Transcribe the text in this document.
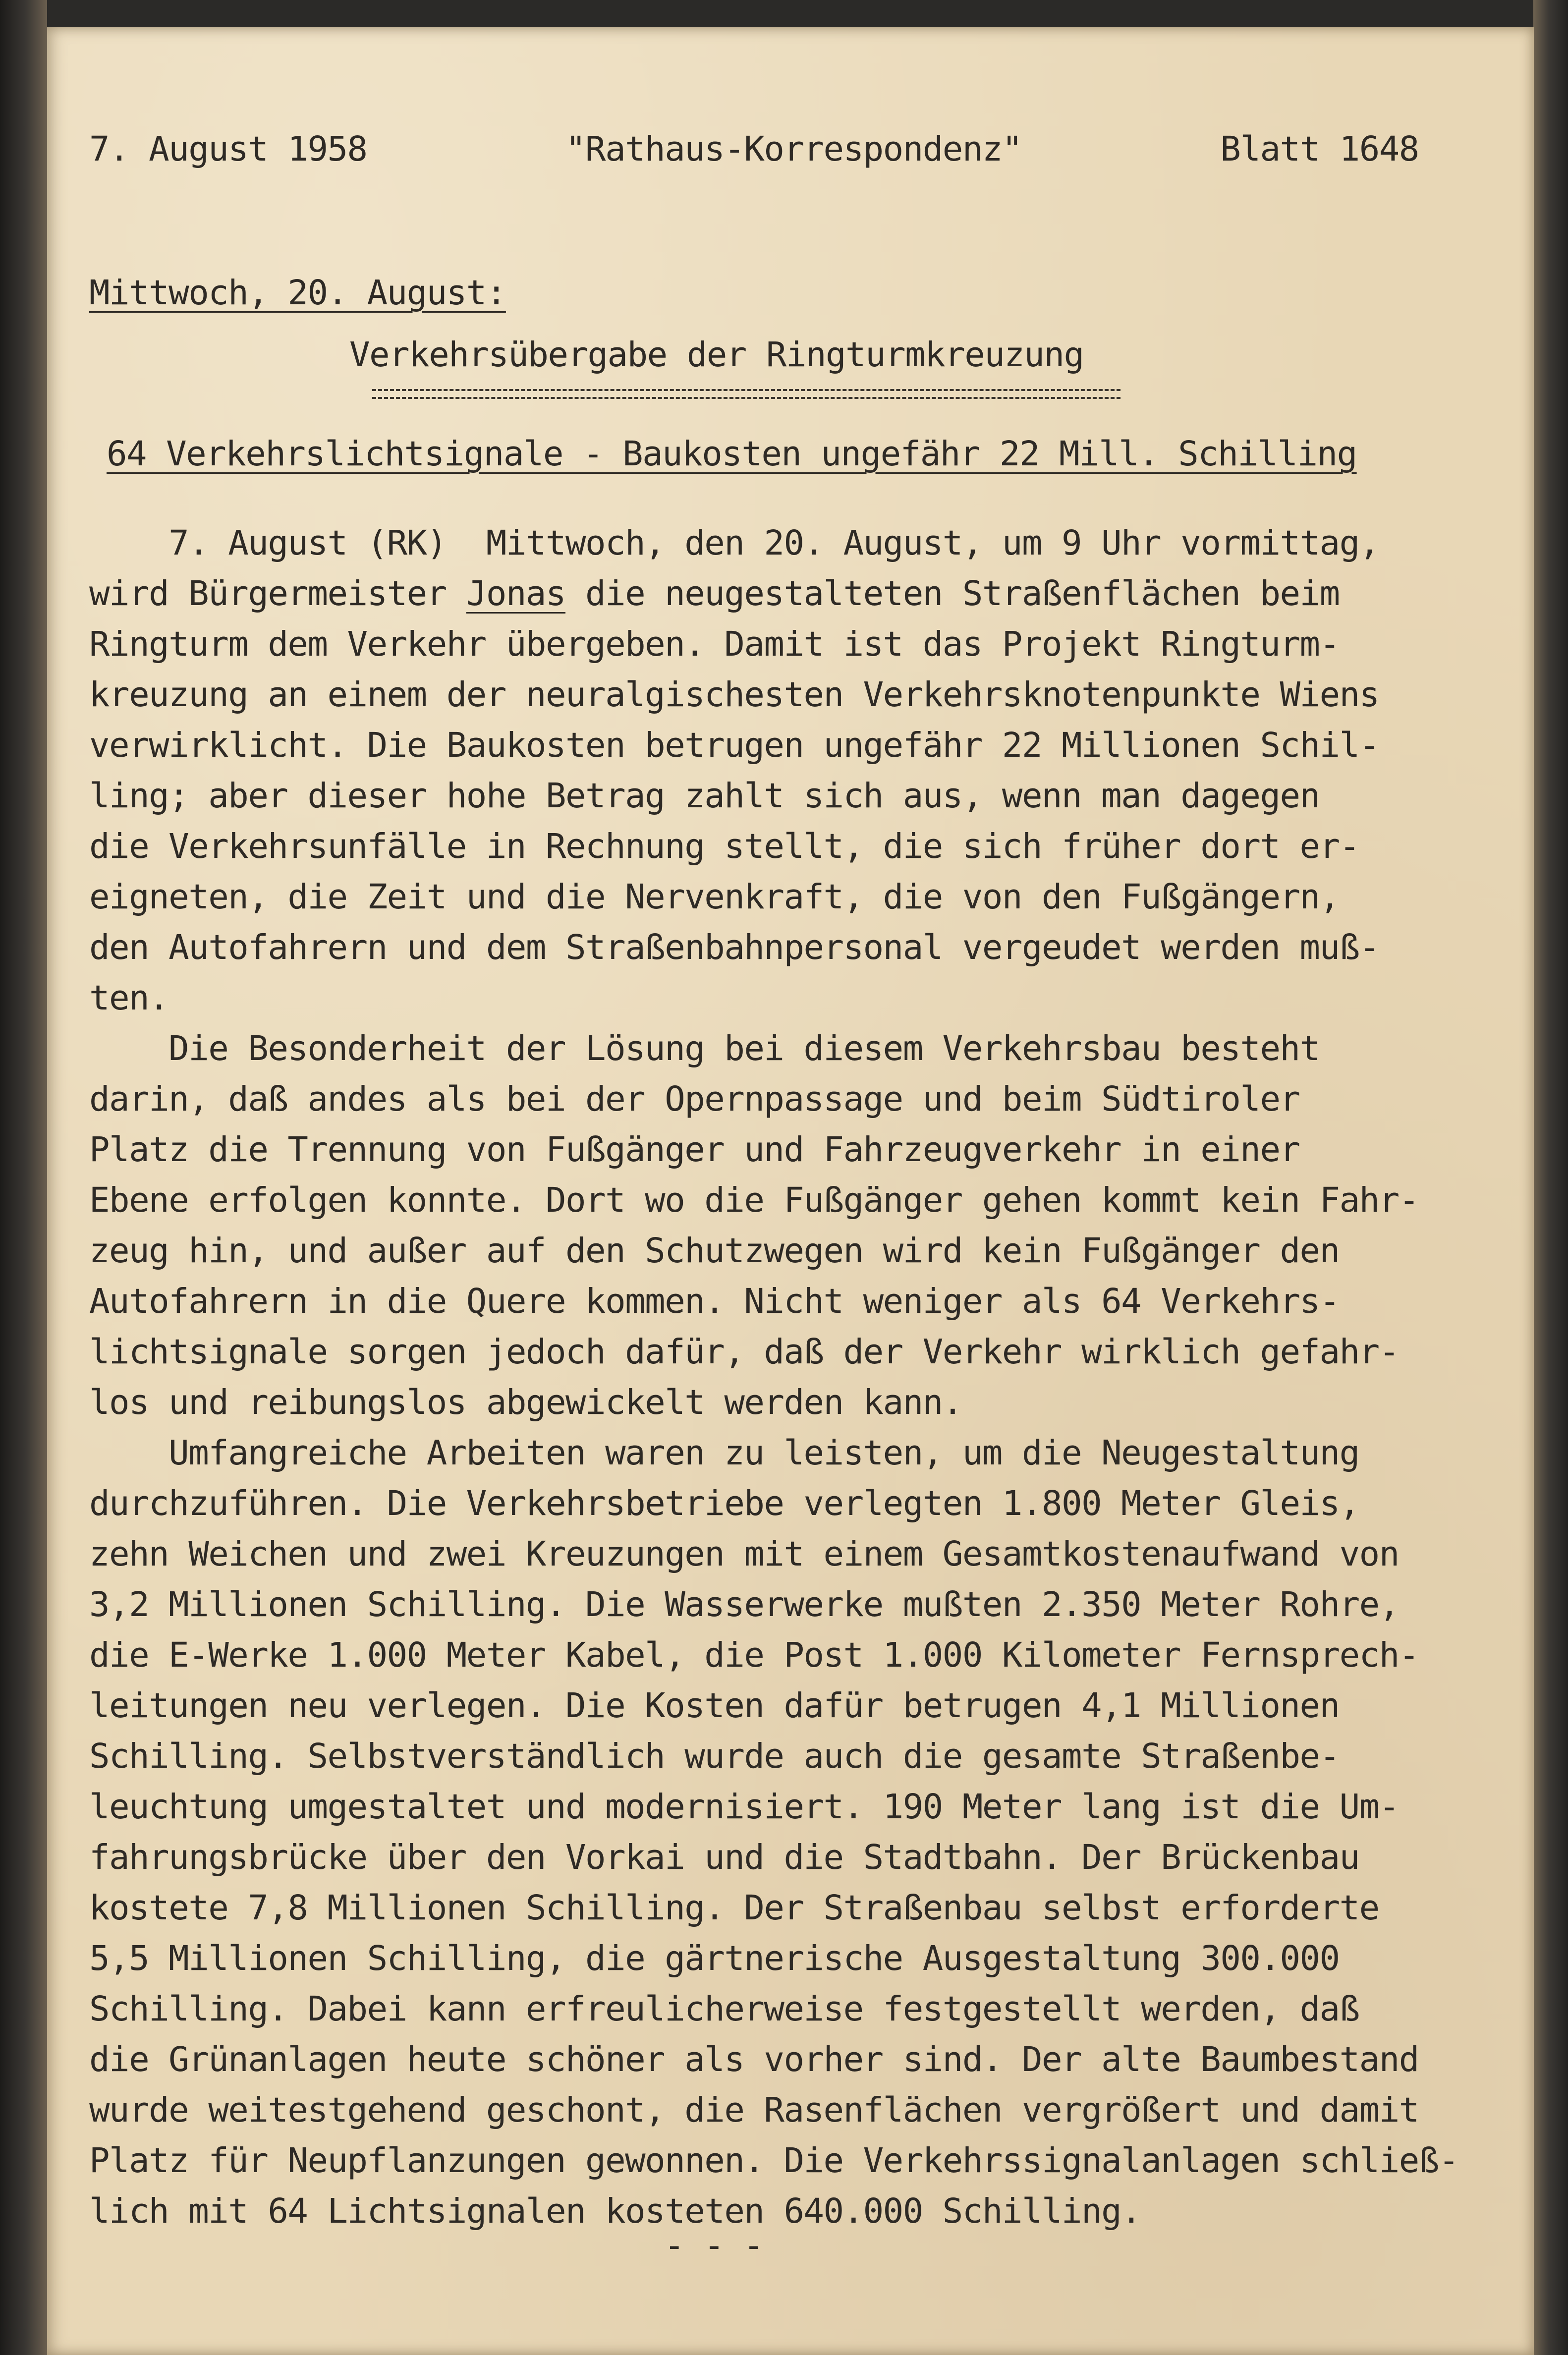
7. August 1958	"Rathaus-Korrespondenz"	Blatt 1648
Mittwoch, 20. August:
Verkehrsübergabe der Ringturmkreuzung
64 Verkehrslichtsignale - Baukosten ungefähr 22 Mill. Schilling
7. August (RK)  Mittwoch, den 20. August, um 9 Uhr vormittag,
wird Bürgermeister Jonas die neugestalteten Straßenflächen beim
Ringturm dem Verkehr übergeben. Damit ist das Projekt Ringturm-
kreuzung an einem der neuralgischesten Verkehrsknotenpunkte Wiens
verwirklicht. Die Baukosten betrugen ungefähr 22 Millionen Schil-
ling; aber dieser hohe Betrag zahlt sich aus, wenn man dagegen
die Verkehrsunfälle in Rechnung stellt, die sich früher dort er-
eigneten, die Zeit und die Nervenkraft, die von den Fußgängern,
den Autofahrern und dem Straßenbahnpersonal vergeudet werden muß-
ten.
Die Besonderheit der Lösung bei diesem Verkehrsbau besteht
darin, daß andes als bei der Opernpassage und beim Südtiroler
Platz die Trennung von Fußgänger und Fahrzeugverkehr in einer
Ebene erfolgen konnte. Dort wo die Fußgänger gehen kommt kein Fahr-
zeug hin, und außer auf den Schutzwegen wird kein Fußgänger den
Autofahrern in die Quere kommen. Nicht weniger als 64 Verkehrs-
lichtsignale sorgen jedoch dafür, daß der Verkehr wirklich gefahr-
los und reibungslos abgewickelt werden kann.
Umfangreiche Arbeiten waren zu leisten, um die Neugestaltung
durchzuführen. Die Verkehrsbetriebe verlegten 1.800 Meter Gleis,
zehn Weichen und zwei Kreuzungen mit einem Gesamtkostenaufwand von
3,2 Millionen Schilling. Die Wasserwerke mußten 2.350 Meter Rohre,
die E-Werke 1.000 Meter Kabel, die Post 1.000 Kilometer Fernsprech-
leitungen neu verlegen. Die Kosten dafür betrugen 4,1 Millionen
Schilling. Selbstverständlich wurde auch die gesamte Straßenbe-
leuchtung umgestaltet und modernisiert. 190 Meter lang ist die Um-
fahrungsbrücke über den Vorkai und die Stadtbahn. Der Brückenbau
kostete 7,8 Millionen Schilling. Der Straßenbau selbst erforderte
5,5 Millionen Schilling, die gärtnerische Ausgestaltung 300.000
Schilling. Dabei kann erfreulicherweise festgestellt werden, daß
die Grünanlagen heute schöner als vorher sind. Der alte Baumbestand
wurde weitestgehend geschont, die Rasenflächen vergrößert und damit
Platz für Neupflanzungen gewonnen. Die Verkehrssignalanlagen schließ-
lich mit 64 Lichtsignalen kosteten 640.000 Schilling.
- - -
